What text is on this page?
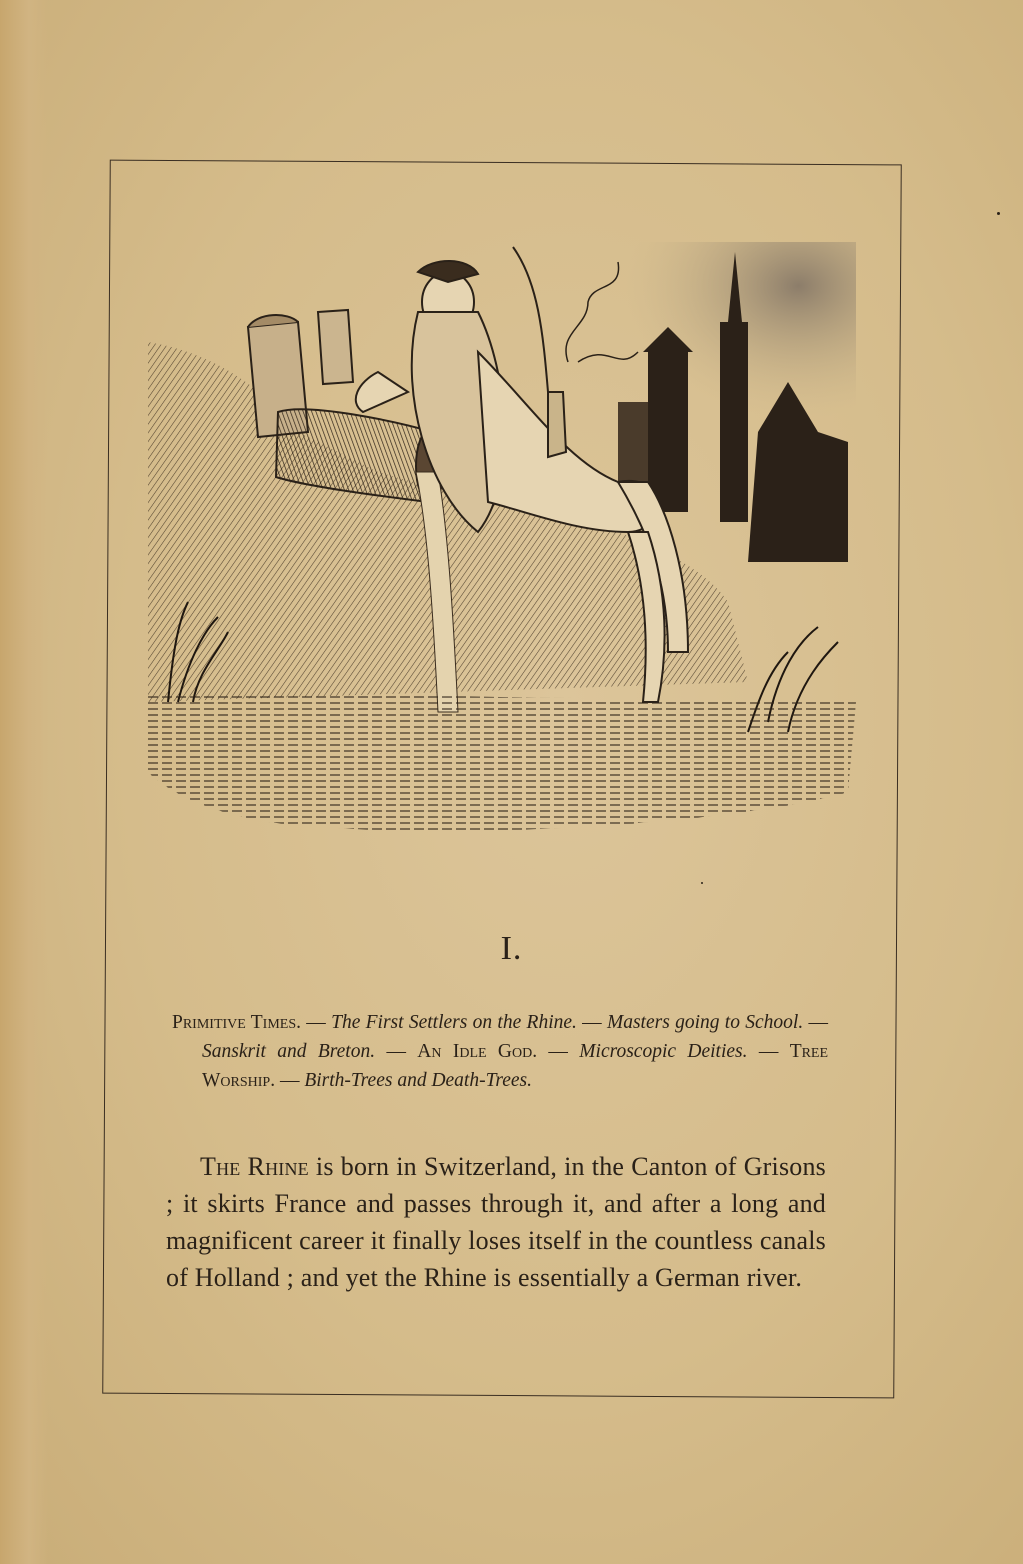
I.

Primitive Times. — The First Settlers on the Rhine. — Masters going to School. — Sanskrit and Breton. — An Idle God. — Microscopic Deities. — Tree Worship. — Birth-Trees and Death-Trees.

The Rhine is born in Switzerland, in the Canton of Grisons ; it skirts France and passes through it, and after a long and magnificent career it finally loses itself in the countless canals of Holland ; and yet the Rhine is essentially a German river.
